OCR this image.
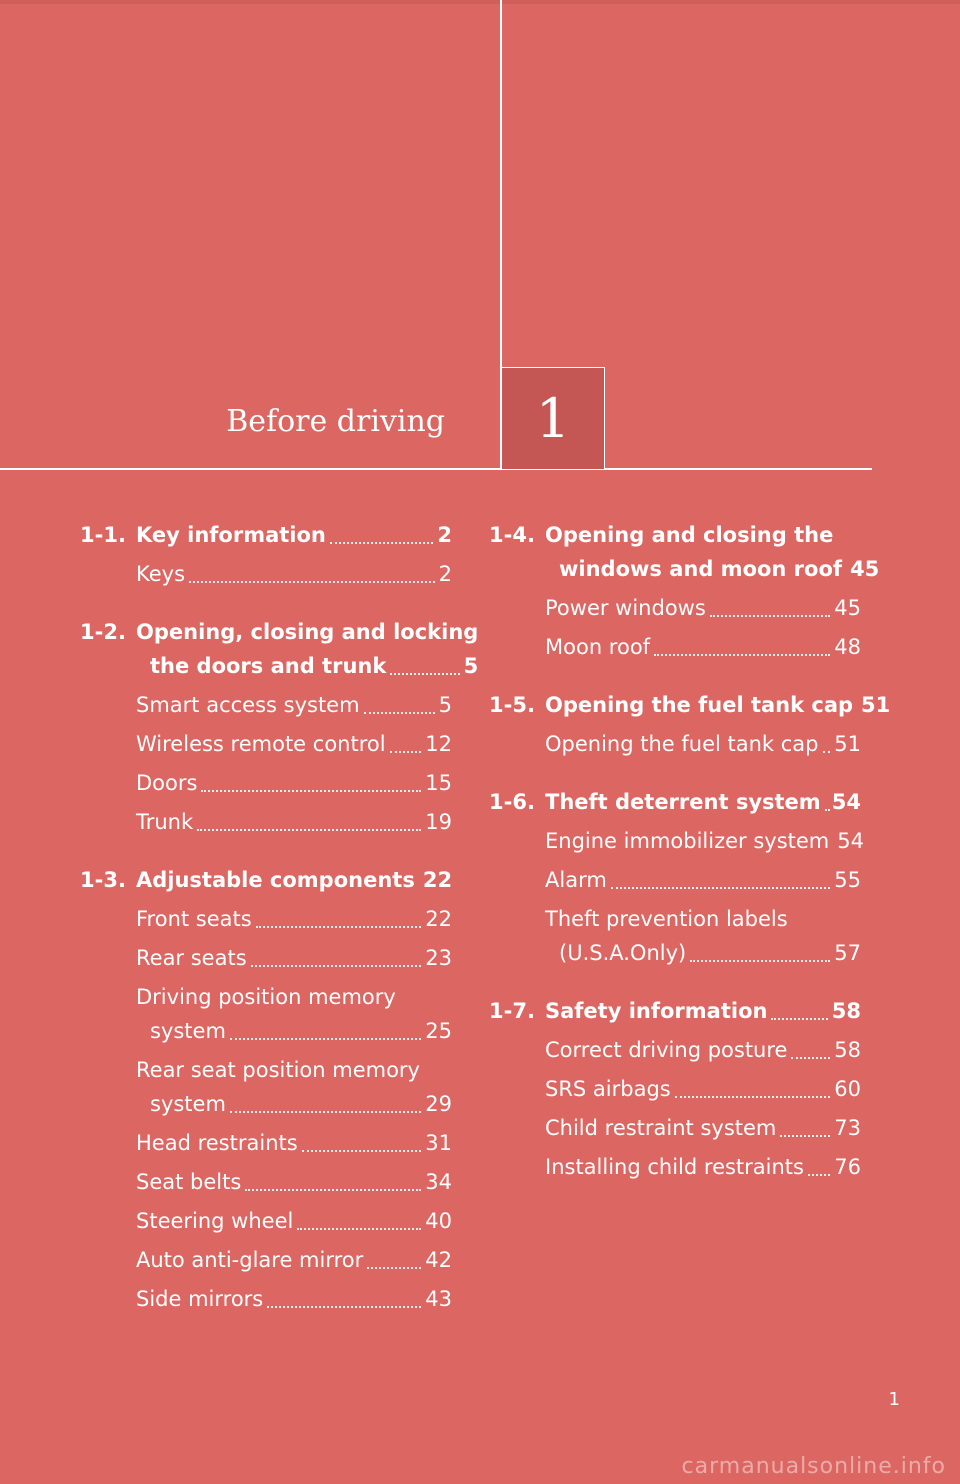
Before driving 1
1-1. Key information	2
Keys	2
1-2. Opening, closing and locking
the doors and trunk	5
Smart access system	5
Wireless remote control 12
Doors	15
Trunk	19
1-3. Adjustable components 22
Front seats	22
Rear seats	23
Driving position memory
system	25
Rear seat position memory
system	29
Head restraints	31
Seat belts	34
Steering wheel	40
Auto anti-glare mirror	42
Side mirrors	43
1-4. Opening and closing the
windows and moon roof 45
Power windows	45
Moon roof	48
1-5. Opening the fuel tank cap 51
Opening the fuel tank cap 51
1-6. Theft deterrent system 54
Engine immobilizer system 54
Alarm	55
Theft prevention labels
(U.S.A.Only)	57
1-7. Safety information	58
Correct driving posture 58
SRS airbags	60
Child restraint system	73
Installing child restraints 76
1
carmanualsonline.info
